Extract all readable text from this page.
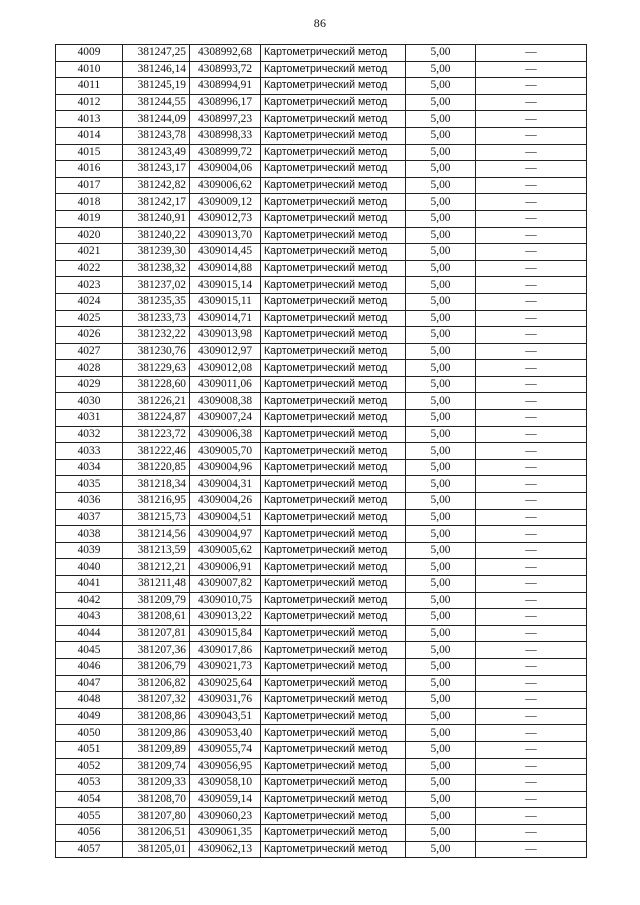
86
4009	381247,25	4308992,68	Картометрический метод	5,00	—
4010	381246,14	4308993,72	Картометрический метод	5,00	—
4011	381245,19	4308994,91	Картометрический метод	5,00	—
4012	381244,55	4308996,17	Картометрический метод	5,00	—
4013	381244,09	4308997,23	Картометрический метод	5,00	—
4014	381243,78	4308998,33	Картометрический метод	5,00	—
4015	381243,49	4308999,72	Картометрический метод	5,00	—
4016	381243,17	4309004,06	Картометрический метод	5,00	—
4017	381242,82	4309006,62	Картометрический метод	5,00	—
4018	381242,17	4309009,12	Картометрический метод	5,00	—
4019	381240,91	4309012,73	Картометрический метод	5,00	—
4020	381240,22	4309013,70	Картометрический метод	5,00	—
4021	381239,30	4309014,45	Картометрический метод	5,00	—
4022	381238,32	4309014,88	Картометрический метод	5,00	—
4023	381237,02	4309015,14	Картометрический метод	5,00	—
4024	381235,35	4309015,11	Картометрический метод	5,00	—
4025	381233,73	4309014,71	Картометрический метод	5,00	—
4026	381232,22	4309013,98	Картометрический метод	5,00	—
4027	381230,76	4309012,97	Картометрический метод	5,00	—
4028	381229,63	4309012,08	Картометрический метод	5,00	—
4029	381228,60	4309011,06	Картометрический метод	5,00	—
4030	381226,21	4309008,38	Картометрический метод	5,00	—
4031	381224,87	4309007,24	Картометрический метод	5,00	—
4032	381223,72	4309006,38	Картометрический метод	5,00	—
4033	381222,46	4309005,70	Картометрический метод	5,00	—
4034	381220,85	4309004,96	Картометрический метод	5,00	—
4035	381218,34	4309004,31	Картометрический метод	5,00	—
4036	381216,95	4309004,26	Картометрический метод	5,00	—
4037	381215,73	4309004,51	Картометрический метод	5,00	—
4038	381214,56	4309004,97	Картометрический метод	5,00	—
4039	381213,59	4309005,62	Картометрический метод	5,00	—
4040	381212,21	4309006,91	Картометрический метод	5,00	—
4041	381211,48	4309007,82	Картометрический метод	5,00	—
4042	381209,79	4309010,75	Картометрический метод	5,00	—
4043	381208,61	4309013,22	Картометрический метод	5,00	—
4044	381207,81	4309015,84	Картометрический метод	5,00	—
4045	381207,36	4309017,86	Картометрический метод	5,00	—
4046	381206,79	4309021,73	Картометрический метод	5,00	—
4047	381206,82	4309025,64	Картометрический метод	5,00	—
4048	381207,32	4309031,76	Картометрический метод	5,00	—
4049	381208,86	4309043,51	Картометрический метод	5,00	—
4050	381209,86	4309053,40	Картометрический метод	5,00	—
4051	381209,89	4309055,74	Картометрический метод	5,00	—
4052	381209,74	4309056,95	Картометрический метод	5,00	—
4053	381209,33	4309058,10	Картометрический метод	5,00	—
4054	381208,70	4309059,14	Картометрический метод	5,00	—
4055	381207,80	4309060,23	Картометрический метод	5,00	—
4056	381206,51	4309061,35	Картометрический метод	5,00	—
4057	381205,01	4309062,13	Картометрический метод	5,00	—
